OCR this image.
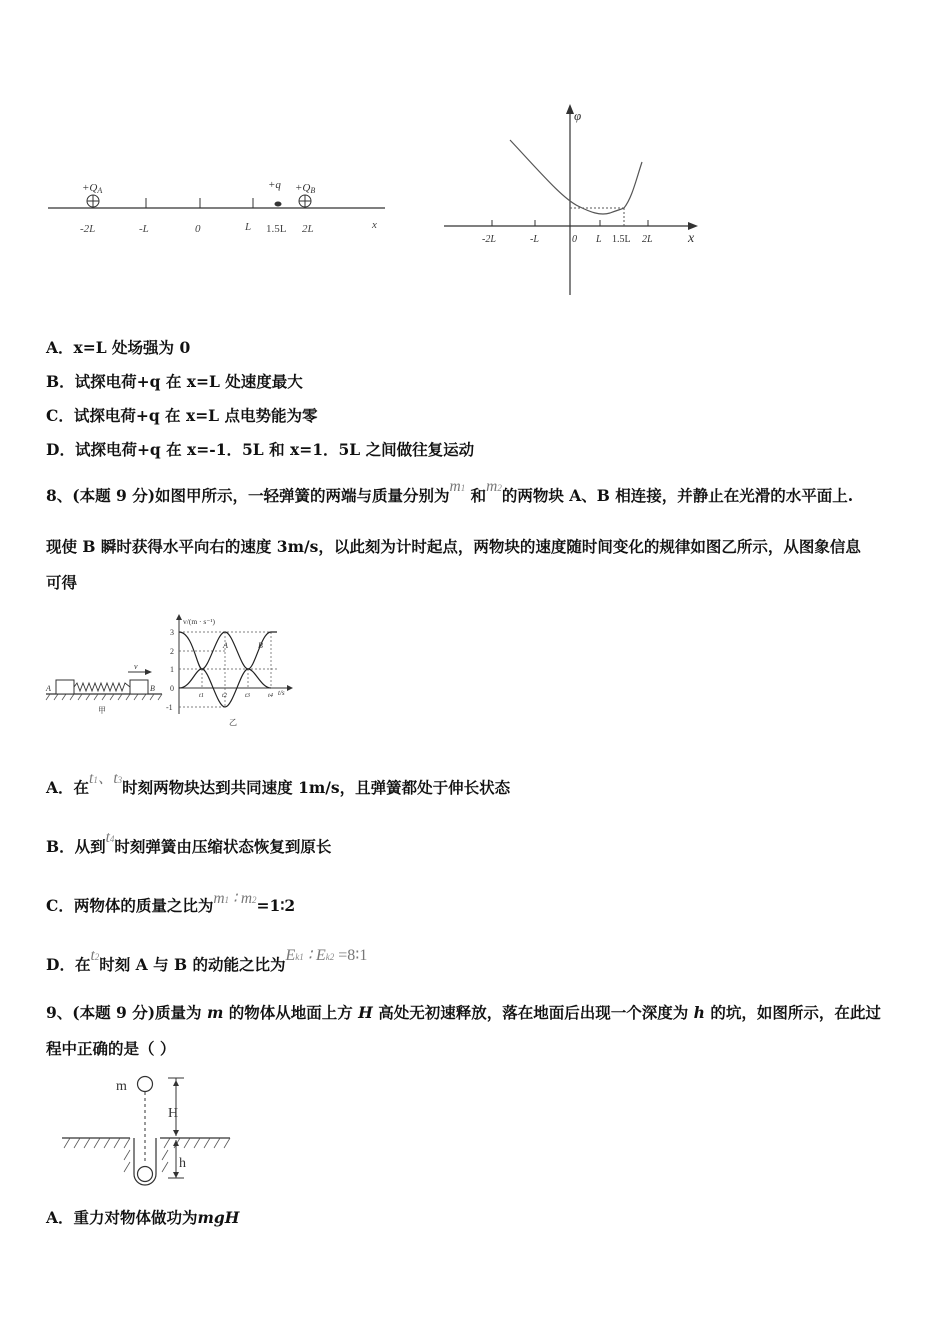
+QA	+QB
+q
-2L	-L	0	L 1.5L 2L	x
φ
-2L	-L	0 L 1.5L 2L	x
A．x=L 处场强为 0
B．试探电荷+q 在 x=L 处速度最大
C．试探电荷+q 在 x=L 点电势能为零
D．试探电荷+q 在 x=-1．5L 和 x=1．5L 之间做往复运动
8、(本题 9 分)如图甲所示，一轻弹簧的两端与质量分别为m1 和m2的两物块 A、B 相连接，并静止在光滑的水平面上.
现使 B 瞬时获得水平向右的速度 3m/s，以此刻为计时起点，两物块的速度随时间变化的规律如图乙所示，从图象信息
可得
A	B
v
甲
v/(m · s⁻¹)
3
2
1
0
-1
t1	t2	t3	t4 t/s
A	B
乙
A．在t1、t3时刻两物块达到共同速度 1m/s，且弹簧都处于伸长状态
B．从到t4时刻弹簧由压缩状态恢复到原长
C．两物体的质量之比为m1 ∶ m2=1∶2
D．在t2时刻 A 与 B 的动能之比为Ek1 ∶ Ek2 =8∶1
9、(本题 9 分)质量为 m 的物体从地面上方 H 高处无初速释放，落在地面后出现一个深度为 h 的坑，如图所示，在此过
程中正确的是（ ）
m
H
h
A．重力对物体做功为mgH
